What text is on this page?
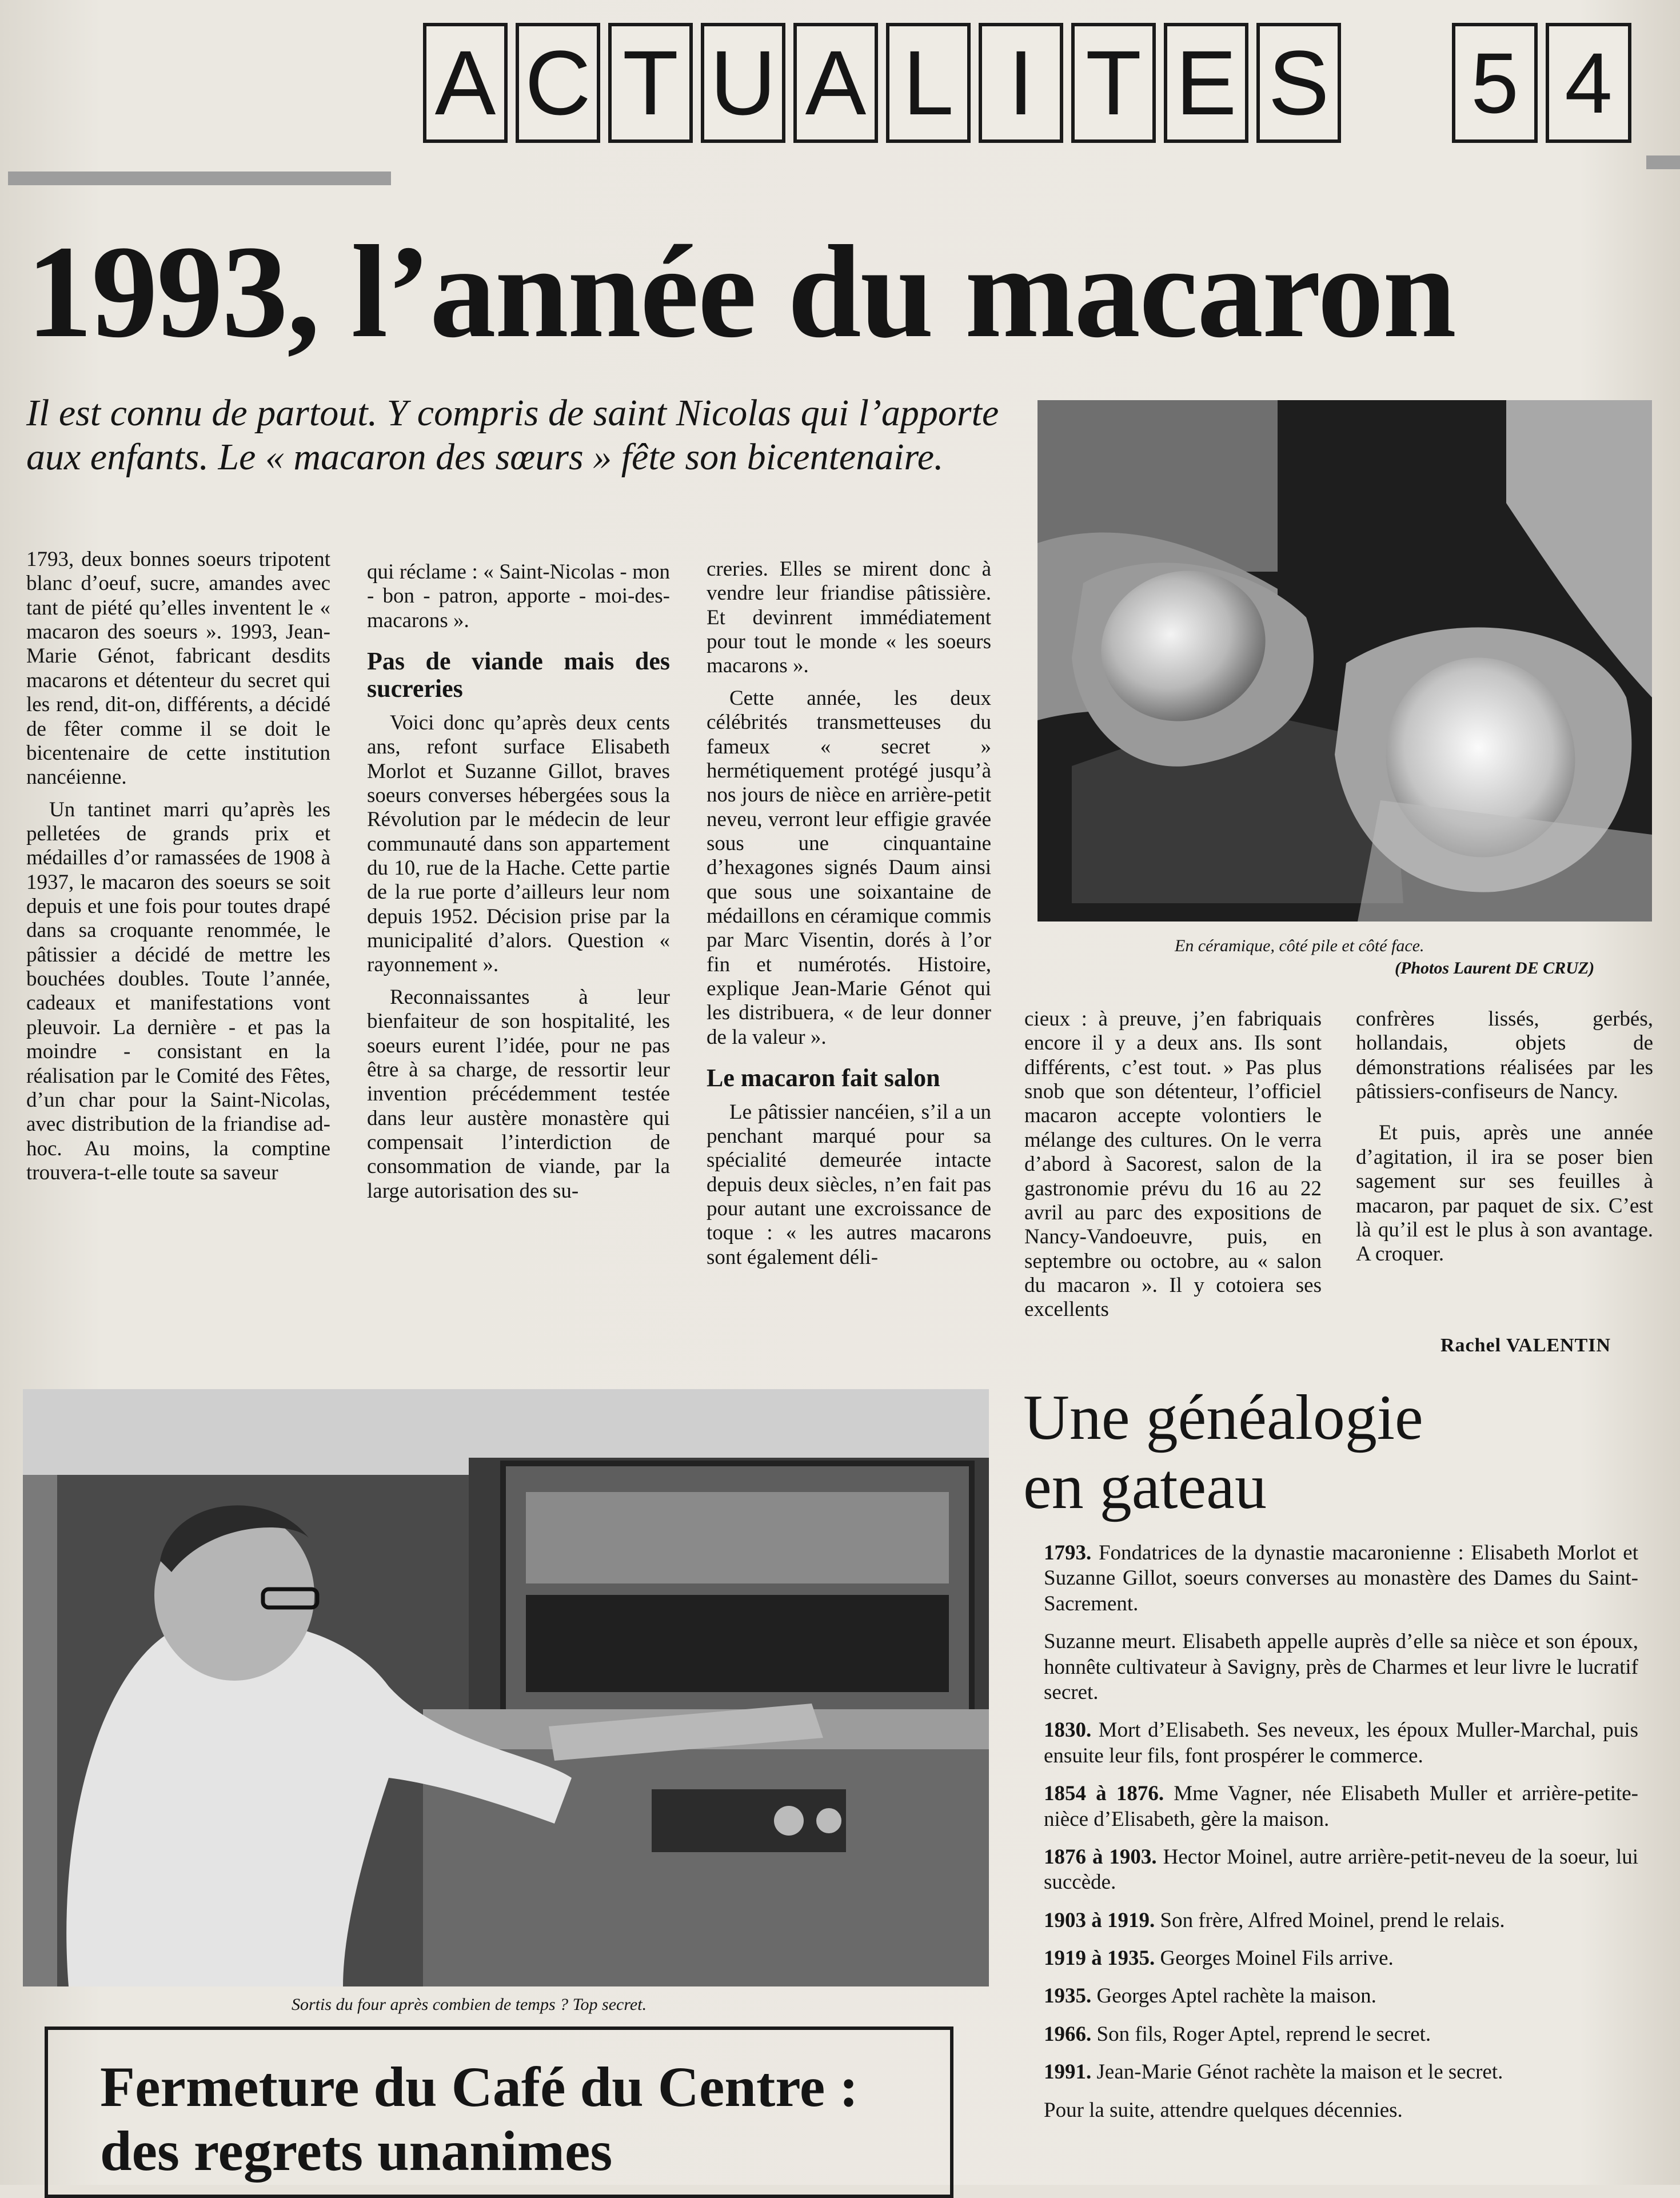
A C T U A L I T E S 5 4
1993, l’année du macaron
Il est connu de partout. Y compris de saint Nicolas qui l’apporte aux enfants. Le « macaron des sœurs » fête son bicentenaire.

1793, deux bonnes soeurs tripotent blanc d’oeuf, sucre, amandes avec tant de piété qu’elles inventent le « macaron des soeurs ». 1993, Jean-Marie Génot, fabricant desdits macarons et détenteur du secret qui les rend, dit-on, différents, a décidé de fêter comme il se doit le bicentenaire de cette institution nancéienne.

Un tantinet marri qu’après les pelletées de grands prix et médailles d’or ramassées de 1908 à 1937, le macaron des soeurs se soit depuis et une fois pour toutes drapé dans sa croquante renommée, le pâtissier a décidé de mettre les bouchées doubles. Toute l’année, cadeaux et manifestations vont pleuvoir. La dernière - et pas la moindre - consistant en la réalisation par le Comité des Fêtes, d’un char pour la Saint-Nicolas, avec distribution de la friandise ad-hoc. Au moins, la comptine trouvera-t-elle toute sa saveur

qui réclame : « Saint-Nicolas - mon - bon - patron, apporte - moi-des-macarons ».

Pas de viande mais des sucreries

Voici donc qu’après deux cents ans, refont surface Elisabeth Morlot et Suzanne Gillot, braves soeurs converses hébergées sous la Révolution par le médecin de leur communauté dans son appartement du 10, rue de la Hache. Cette partie de la rue porte d’ailleurs leur nom depuis 1952. Décision prise par la municipalité d’alors. Question « rayonnement ».

Reconnaissantes à leur bienfaiteur de son hospitalité, les soeurs eurent l’idée, pour ne pas être à sa charge, de ressortir leur invention précédemment testée dans leur austère monastère qui compensait l’interdiction de consommation de viande, par la large autorisation des su-

creries. Elles se mirent donc à vendre leur friandise pâtissière. Et devinrent immédiatement pour tout le monde « les soeurs macarons ».

Cette année, les deux célébrités transmetteuses du fameux « secret » hermétiquement protégé jusqu’à nos jours de nièce en arrière-petit neveu, verront leur effigie gravée sous une cinquantaine d’hexagones signés Daum ainsi que sous une soixantaine de médaillons en céramique commis par Marc Visentin, dorés à l’or fin et numérotés. Histoire, explique Jean-Marie Génot qui les distribuera, « de leur donner de la valeur ».

Le macaron fait salon

Le pâtissier nancéien, s’il a un penchant marqué pour sa spécialité demeurée intacte depuis deux siècles, n’en fait pas pour autant une excroissance de toque : « les autres macarons sont également déli-

cieux : à preuve, j’en fabriquais encore il y a deux ans. Ils sont différents, c’est tout. » Pas plus snob que son détenteur, l’officiel macaron accepte volontiers le mélange des cultures. On le verra d’abord à Sacorest, salon de la gastronomie prévu du 16 au 22 avril au parc des expositions de Nancy-Vandoeuvre, puis, en septembre ou octobre, au « salon du macaron ». Il y cotoiera ses excellents

confrères lissés, gerbés, hollandais, objets de démonstrations réalisées par les pâtissiers-confiseurs de Nancy.

Et puis, après une année d’agitation, il ira se poser bien sagement sur ses feuilles à macaron, par paquet de six. C’est là qu’il est le plus à son avantage. A croquer.

Rachel VALENTIN
En céramique, côté pile et côté face.
(Photos Laurent DE CRUZ)
Sortis du four après combien de temps ? Top secret.
Une généalogie
en gateau

1793. Fondatrices de la dynastie macaronienne : Elisabeth Morlot et Suzanne Gillot, soeurs converses au monastère des Dames du Saint-Sacrement.

Suzanne meurt. Elisabeth appelle auprès d’elle sa nièce et son époux, honnête cultivateur à Savigny, près de Charmes et leur livre le lucratif secret.

1830. Mort d’Elisabeth. Ses neveux, les époux Muller-Marchal, puis ensuite leur fils, font prospérer le commerce.

1854 à 1876. Mme Vagner, née Elisabeth Muller et arrière-petite-nièce d’Elisabeth, gère la maison.

1876 à 1903. Hector Moinel, autre arrière-petit-neveu de la soeur, lui succède.

1903 à 1919. Son frère, Alfred Moinel, prend le relais.

1919 à 1935. Georges Moinel Fils arrive.

1935. Georges Aptel rachète la maison.

1966. Son fils, Roger Aptel, reprend le secret.

1991. Jean-Marie Génot rachète la maison et le secret.

Pour la suite, attendre quelques décennies.

Fermeture du Café du Centre :
des regrets unanimes
